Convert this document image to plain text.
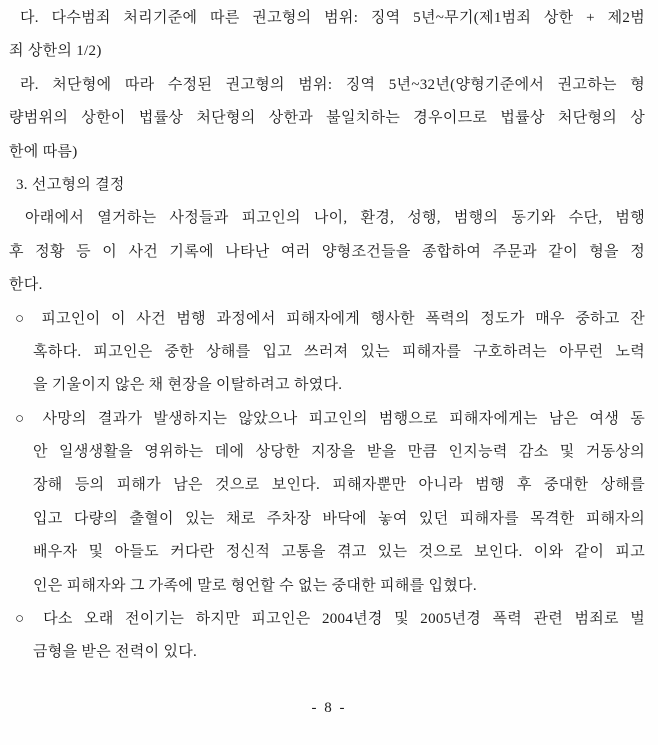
다. 다수범죄 처리기준에 따른 권고형의 범위: 징역 5년~무기(제1범죄 상한 + 제2범
죄 상한의 1/2)
라. 처단형에 따라 수정된 권고형의 범위: 징역 5년~32년(양형기준에서 권고하는 형
량범위의 상한이 법률상 처단형의 상한과 불일치하는 경우이므로 법률상 처단형의 상
한에 따름)
3. 선고형의 결정
아래에서 열거하는 사정들과 피고인의 나이, 환경, 성행, 범행의 동기와 수단, 범행
후 정황 등 이 사건 기록에 나타난 여러 양형조건들을 종합하여 주문과 같이 형을 정
한다.
○ 피고인이 이 사건 범행 과정에서 피해자에게 행사한 폭력의 정도가 매우 중하고 잔
혹하다. 피고인은 중한 상해를 입고 쓰러져 있는 피해자를 구호하려는 아무런 노력
을 기울이지 않은 채 현장을 이탈하려고 하였다.
○ 사망의 결과가 발생하지는 않았으나 피고인의 범행으로 피해자에게는 남은 여생 동
안 일생생활을 영위하는 데에 상당한 지장을 받을 만큼 인지능력 감소 및 거동상의
장해 등의 피해가 남은 것으로 보인다. 피해자뿐만 아니라 범행 후 중대한 상해를
입고 다량의 출혈이 있는 채로 주차장 바닥에 놓여 있던 피해자를 목격한 피해자의
배우자 및 아들도 커다란 정신적 고통을 겪고 있는 것으로 보인다. 이와 같이 피고
인은 피해자와 그 가족에 말로 형언할 수 없는 중대한 피해를 입혔다.
○ 다소 오래 전이기는 하지만 피고인은 2004년경 및 2005년경 폭력 관련 범죄로 벌
금형을 받은 전력이 있다.
- 8 -
